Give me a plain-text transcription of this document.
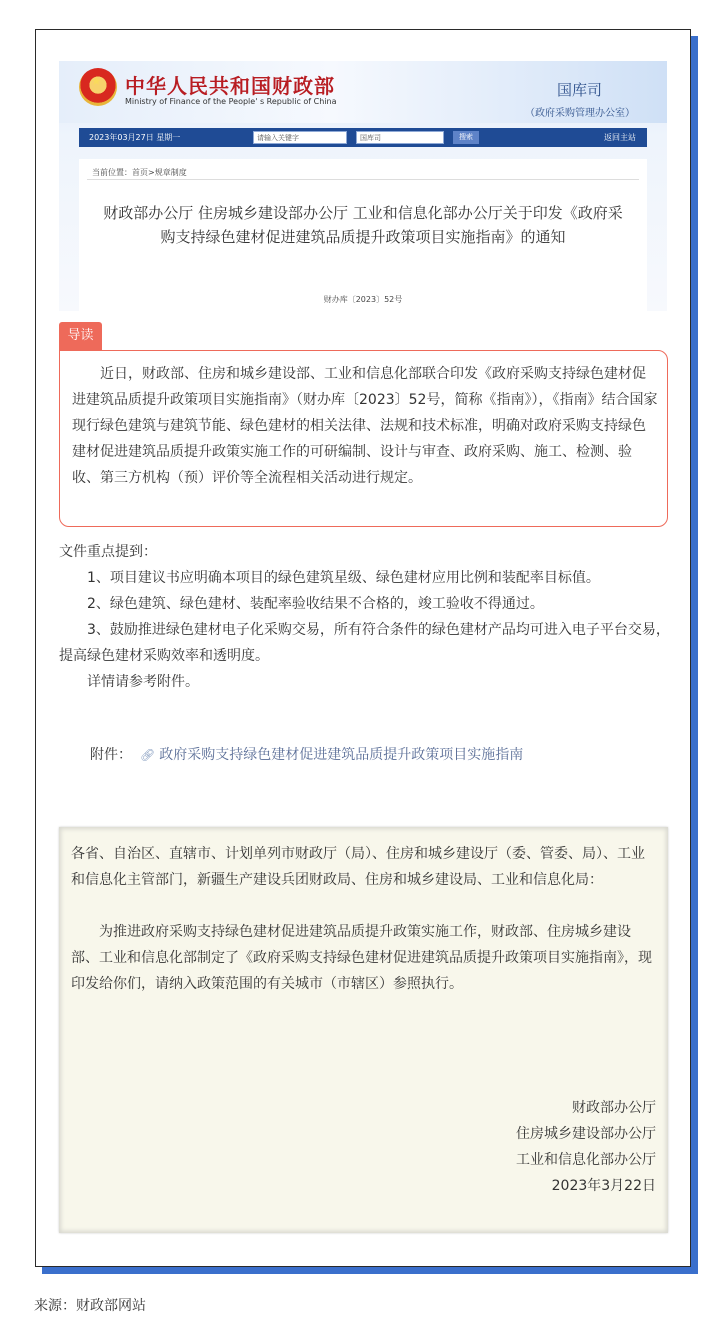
★ 中华人民共和国财政部
Ministry of Finance of the People' s Republic of China
国库司
（政府采购管理办公室）
2023年03月27日 星期一	请输入关键字	国库司	搜索	返回主站
当前位置：首页>规章制度
财政部办公厅 住房城乡建设部办公厅 工业和信息化部办公厅关于印发《政府采购支持绿色建材促进建筑品质提升政策项目实施指南》的通知
财办库〔2023〕52号
导读
近日，财政部、住房和城乡建设部、工业和信息化部联合印发《政府采购支持绿色建材促进建筑品质提升政策项目实施指南》（财办库〔2023〕52号，简称《指南》），《指南》结合国家现行绿色建筑与建筑节能、绿色建材的相关法律、法规和技术标准，明确对政府采购支持绿色建材促进建筑品质提升政策实施工作的可研编制、设计与审查、政府采购、施工、检测、验收、第三方机构（预）评价等全流程相关活动进行规定。

文件重点提到：

1、项目建议书应明确本项目的绿色建筑星级、绿色建材应用比例和装配率目标值。

2、绿色建筑、绿色建材、装配率验收结果不合格的，竣工验收不得通过。

3、鼓励推进绿色建材电子化采购交易，所有符合条件的绿色建材产品均可进入电子平台交易，提高绿色建材采购效率和透明度。

详情请参考附件。

附件： 🔗︎ 政府采购支持绿色建材促进建筑品质提升政策项目实施指南

各省、自治区、直辖市、计划单列市财政厅（局）、住房和城乡建设厅（委、管委、局）、工业和信息化主管部门，新疆生产建设兵团财政局、住房和城乡建设局、工业和信息化局：

为推进政府采购支持绿色建材促进建筑品质提升政策实施工作，财政部、住房城乡建设部、工业和信息化部制定了《政府采购支持绿色建材促进建筑品质提升政策项目实施指南》，现印发给你们，请纳入政策范围的有关城市（市辖区）参照执行。

财政部办公厅
住房城乡建设部办公厅
工业和信息化部办公厅
2023年3月22日
来源：财政部网站
